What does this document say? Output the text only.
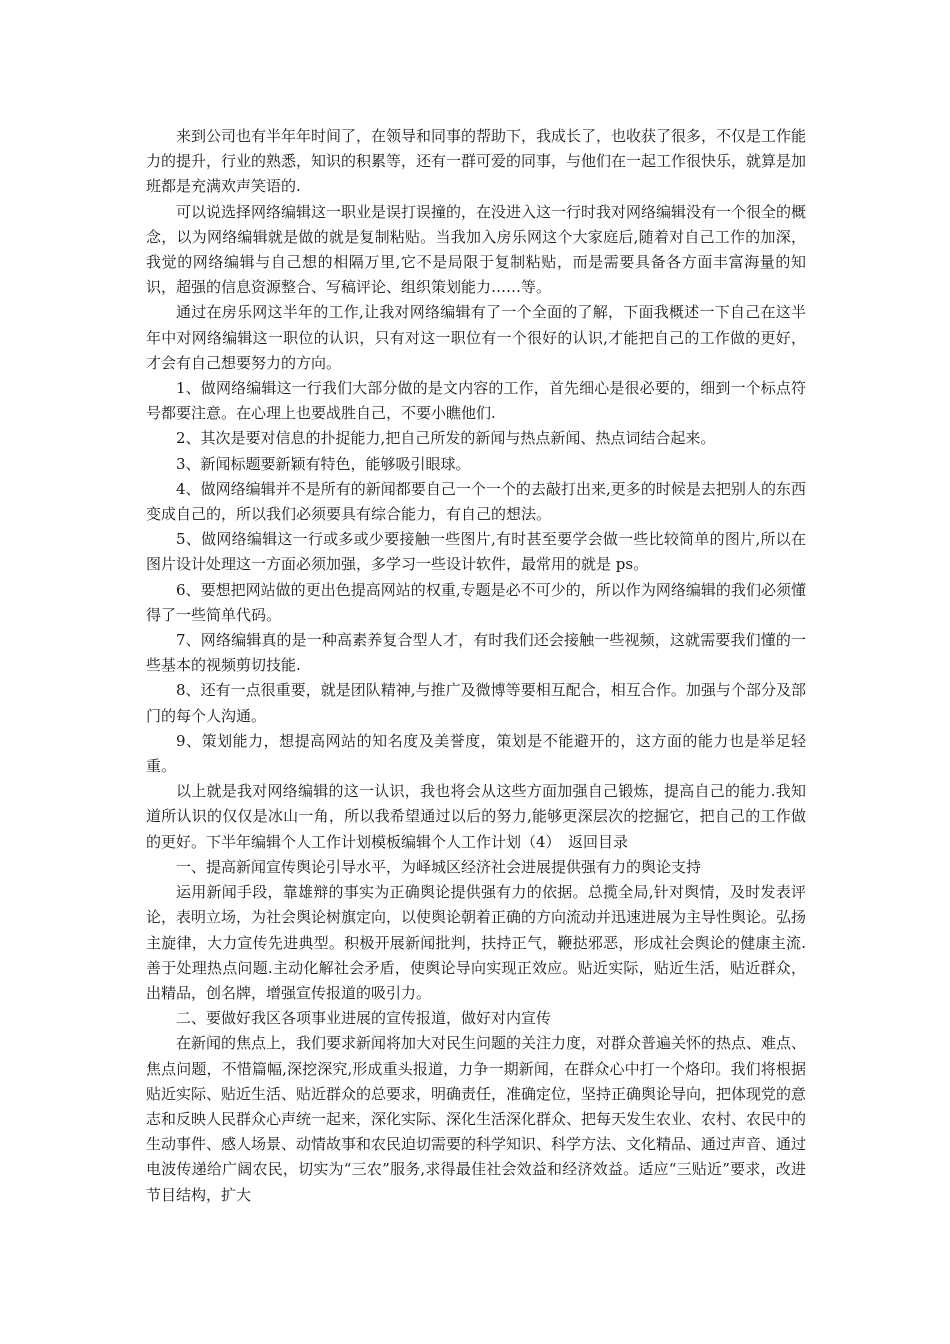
来到公司也有半年年时间了，在领导和同事的帮助下，我成长了，也收获了很多，不仅是工作能力的提升，行业的熟悉，知识的积累等，还有一群可爱的同事，与他们在一起工作很快乐，就算是加班都是充满欢声笑语的.

可以说选择网络编辑这一职业是误打误撞的，在没进入这一行时我对网络编辑没有一个很全的概念，以为网络编辑就是做的就是复制粘贴。当我加入房乐网这个大家庭后,随着对自己工作的加深，我觉的网络编辑与自己想的相隔万里,它不是局限于复制粘贴，而是需要具备各方面丰富海量的知识，超强的信息资源整合、写稿评论、组织策划能力……等。

通过在房乐网这半年的工作,让我对网络编辑有了一个全面的了解，下面我概述一下自己在这半年中对网络编辑这一职位的认识，只有对这一职位有一个很好的认识,才能把自己的工作做的更好，才会有自己想要努力的方向。

1、做网络编辑这一行我们大部分做的是文内容的工作，首先细心是很必要的，细到一个标点符号都要注意。在心理上也要战胜自己，不要小瞧他们.

2、其次是要对信息的扑捉能力,把自己所发的新闻与热点新闻、热点词结合起来。

3、新闻标题要新颖有特色，能够吸引眼球。

4、做网络编辑并不是所有的新闻都要自己一个一个的去敲打出来,更多的时候是去把别人的东西变成自己的，所以我们必须要具有综合能力，有自己的想法。

5、做网络编辑这一行或多或少要接触一些图片,有时甚至要学会做一些比较简单的图片,所以在图片设计处理这一方面必须加强，多学习一些设计软件，最常用的就是 ps。

6、要想把网站做的更出色提高网站的权重,专题是必不可少的，所以作为网络编辑的我们必须懂得了一些简单代码。

7、网络编辑真的是一种高素养复合型人才，有时我们还会接触一些视频，这就需要我们懂的一些基本的视频剪切技能.

8、还有一点很重要，就是团队精神,与推广及微博等要相互配合，相互合作。加强与个部分及部门的每个人沟通。

9、策划能力，想提高网站的知名度及美誉度，策划是不能避开的，这方面的能力也是举足轻重。

以上就是我对网络编辑的这一认识，我也将会从这些方面加强自己锻炼，提高自己的能力.我知道所认识的仅仅是冰山一角，所以我希望通过以后的努力,能够更深层次的挖掘它，把自己的工作做的更好。下半年编辑个人工作计划模板编辑个人工作计划（4）　返回目录

一、提高新闻宣传舆论引导水平，为峄城区经济社会进展提供强有力的舆论支持

运用新闻手段，靠雄辩的事实为正确舆论提供强有力的依据。总揽全局,针对舆情，及时发表评论，表明立场，为社会舆论树旗定向，以使舆论朝着正确的方向流动并迅速进展为主导性舆论。弘扬主旋律，大力宣传先进典型。积极开展新闻批判，扶持正气，鞭挞邪恶，形成社会舆论的健康主流. 善于处理热点问题.主动化解社会矛盾，使舆论导向实现正效应。贴近实际，贴近生活，贴近群众，出精品，创名牌，增强宣传报道的吸引力。

二、要做好我区各项事业进展的宣传报道，做好对内宣传

在新闻的焦点上，我们要求新闻将加大对民生问题的关注力度，对群众普遍关怀的热点、难点、焦点问题，不惜篇幅,深挖深究,形成重头报道，力争一期新闻，在群众心中打一个烙印。我们将根据贴近实际、贴近生活、贴近群众的总要求，明确责任，准确定位，坚持正确舆论导向，把体现党的意志和反映人民群众心声统一起来，深化实际、深化生活深化群众、把每天发生农业、农村、农民中的生动事件、感人场景、动情故事和农民迫切需要的科学知识、科学方法、文化精品、通过声音、通过电波传递给广阔农民，切实为“三农”服务,求得最佳社会效益和经济效益。适应“三贴近”要求，改进节目结构，扩大
